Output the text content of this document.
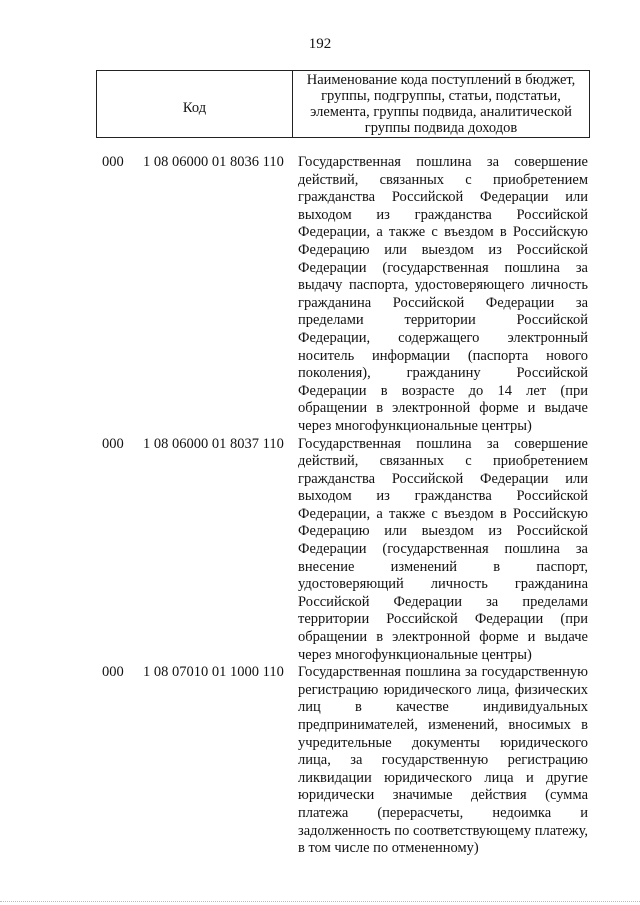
192
Код
Наименование кода поступлений в бюджет, группы, подгруппы, статьи, подстатьи, элемента, группы подвида, аналитической группы подвида доходов
000 1 08 06000 01 8036 110 Государственная пошлина за совершение действий, связанных с приобретением гражданства Российской Федерации или выходом из гражданства Российской Федерации, а также с въездом в Российскую Федерацию или выездом из Российской Федерации (государственная пошлина за выдачу паспорта, удостоверяющего личность гражданина Российской Федерации за пределами территории Российской Федерации, содержащего электронный носитель информации (паспорта нового поколения), гражданину Российской Федерации в возрасте до 14 лет (при обращении в электронной форме и выдаче через многофункциональные центры)
000 1 08 06000 01 8037 110 Государственная пошлина за совершение действий, связанных с приобретением гражданства Российской Федерации или выходом из гражданства Российской Федерации, а также с въездом в Российскую Федерацию или выездом из Российской Федерации (государственная пошлина за внесение изменений в паспорт, удостоверяющий личность гражданина Российской Федерации за пределами территории Российской Федерации (при обращении в электронной форме и выдаче через многофункциональные центры)
000 1 08 07010 01 1000 110 Государственная пошлина за государственную регистрацию юридического лица, физических лиц в качестве индивидуальных предпринимателей, изменений, вносимых в учредительные документы юридического лица, за государственную регистрацию ликвидации юридического лица и другие юридически значимые действия (сумма платежа (перерасчеты, недоимка и задолженность по соответствующему платежу, в том числе по отмененному)
